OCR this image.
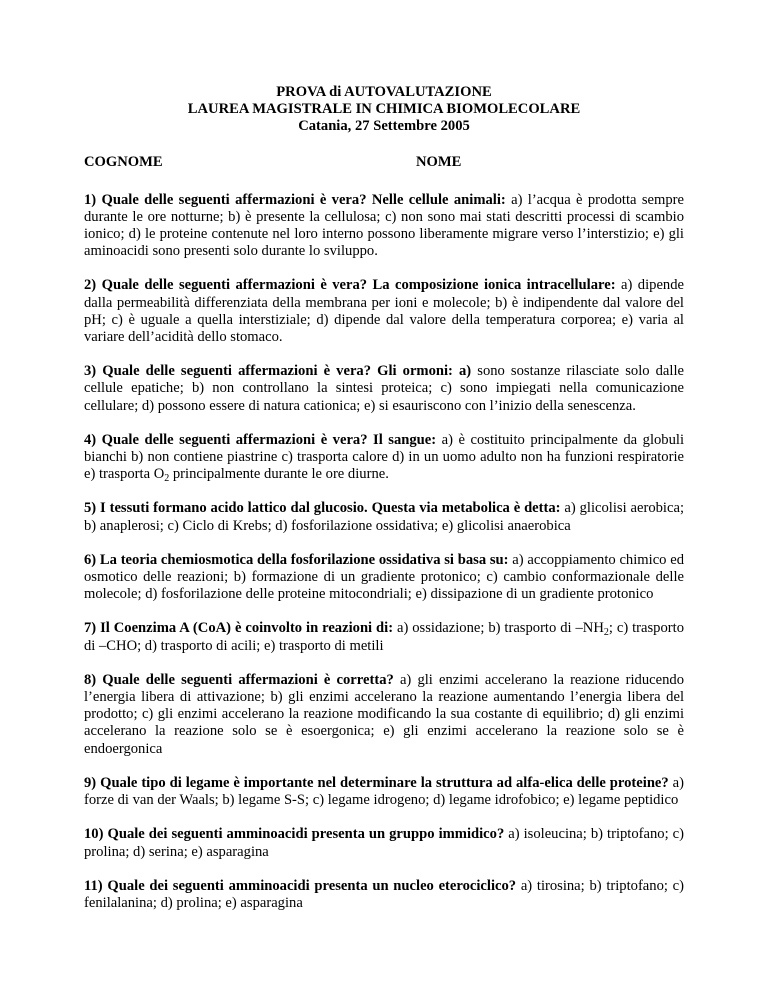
PROVA di AUTOVALUTAZIONE
LAUREA MAGISTRALE IN CHIMICA BIOMOLECOLARE
Catania, 27 Settembre 2005
COGNOME	NOME
1) Quale delle seguenti affermazioni è vera? Nelle cellule animali: a) l’acqua è prodotta sempre durante le ore notturne; b) è presente la cellulosa; c) non sono mai stati descritti processi di scambio ionico; d) le proteine contenute nel loro interno possono liberamente migrare verso l’interstizio; e) gli aminoacidi sono presenti solo durante lo sviluppo.
2) Quale delle seguenti affermazioni è vera? La composizione ionica intracellulare: a) dipende dalla permeabilità differenziata della membrana per ioni e molecole; b) è indipendente dal valore del pH; c) è uguale a quella interstiziale; d) dipende dal valore della temperatura corporea; e) varia al variare dell’acidità dello stomaco.
3) Quale delle seguenti affermazioni è vera? Gli ormoni: a) sono sostanze rilasciate solo dalle cellule epatiche; b) non controllano la sintesi proteica; c) sono impiegati nella comunicazione cellulare; d) possono essere di natura cationica; e) si esauriscono con l’inizio della senescenza.
4) Quale delle seguenti affermazioni è vera? Il sangue: a) è costituito principalmente da globuli bianchi b) non contiene piastrine c) trasporta calore d) in un uomo adulto non ha funzioni respiratorie e) trasporta $O_2$ principalmente durante le ore diurne.
5) I tessuti formano acido lattico dal glucosio. Questa via metabolica è detta: a) glicolisi aerobica; b) anaplerosi; c) Ciclo di Krebs; d) fosforilazione ossidativa; e) glicolisi anaerobica
6) La teoria chemiosmotica della fosforilazione ossidativa si basa su: a) accoppiamento chimico ed osmotico delle reazioni; b) formazione di un gradiente protonico; c) cambio conformazionale delle molecole; d) fosforilazione delle proteine mitocondriali; e) dissipazione di un gradiente protonico
7) Il Coenzima A (CoA) è coinvolto in reazioni di: a) ossidazione; b) trasporto di $-NH_2$; c) trasporto di –CHO; d) trasporto di acili; e) trasporto di metili
8) Quale delle seguenti affermazioni è corretta? a) gli enzimi accelerano la reazione riducendo l’energia libera di attivazione; b) gli enzimi accelerano la reazione aumentando l’energia libera del prodotto; c) gli enzimi accelerano la reazione modificando la sua costante di equilibrio; d) gli enzimi accelerano la reazione solo se è esoergonica; e) gli enzimi accelerano la reazione solo se è endoergonica
9) Quale tipo di legame è importante nel determinare la struttura ad alfa-elica delle proteine? a) forze di van der Waals; b) legame S-S; c) legame idrogeno; d) legame idrofobico; e) legame peptidico
10) Quale dei seguenti amminoacidi presenta un gruppo immidico? a) isoleucina; b) triptofano; c) prolina; d) serina; e) asparagina
11) Quale dei seguenti amminoacidi presenta un nucleo eterociclico? a) tirosina; b) triptofano; c) fenilalanina; d) prolina; e) asparagina
